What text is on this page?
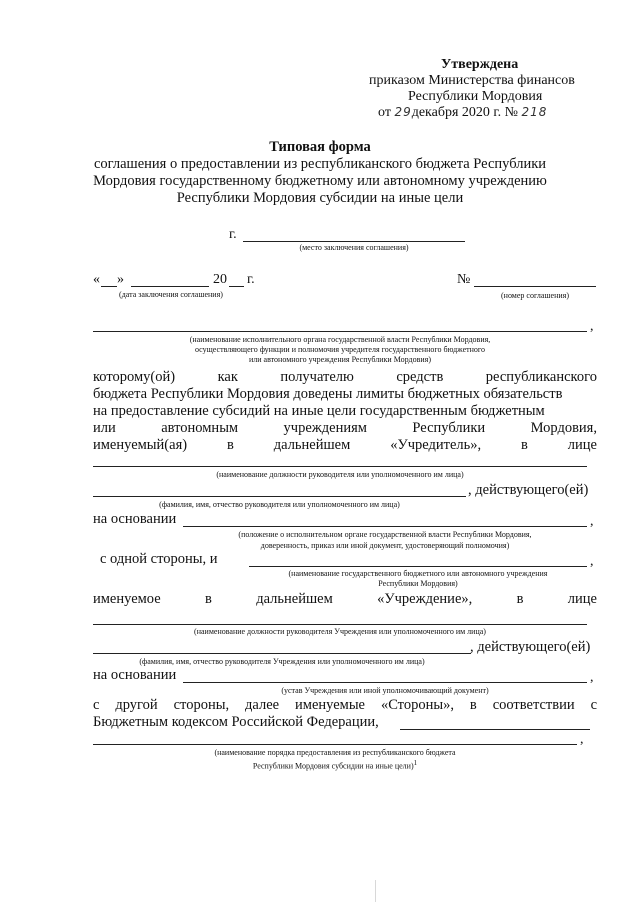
Утверждена
приказом Министерства финансов
Республики Мордовия
от 29декабря 2020 г. № 218
Типовая форма
соглашения о предоставлении из республиканского бюджета Республики
Мордовия государственному бюджетному или автономному учреждению
Республики Мордовия субсидии на иные цели
г.
(место заключения соглашения)
« »	20 г.
(дата заключения соглашения)
№
(номер соглашения)
,
(наименование исполнительного органа государственной власти Республики Мордовия,
осуществляющего функции и полномочия учредителя государственного бюджетного
или автономного учреждения Республики Мордовия)
которому(ой)	как	получателю	средств	республиканского
бюджета Республики Мордовия доведены лимиты бюджетных обязательств
на предоставление субсидий на иные цели государственным бюджетным
или	автономным	учреждениям	Республики	Мордовия,
именуемый(ая)	в	дальнейшем	«Учредитель»,	в	лице
(наименование должности руководителя или уполномоченного им лица)
, действующего(ей)
(фамилия, имя, отчество руководителя или уполномоченного им лица)
на основании	,
(положение о исполнительном органе государственной власти Республики Мордовия,
доверенность, приказ или иной документ, удостоверяющий полномочия)
с одной стороны, и	,
(наименование государственного бюджетного или автономного учреждения
Республики Мордовия)
именуемое	в	дальнейшем	«Учреждение»,	в	лице
(наименование должности руководителя Учреждения или уполномоченного им лица)
, действующего(ей)
(фамилия, имя, отчество руководителя Учреждения или уполномоченного им лица)
на основании	,
(устав Учреждения или иной уполномочивающий документ)
с другой стороны, далее именуемые «Стороны», в соответствии с
Бюджетным кодексом Российской Федерации,
,
(наименование порядка предоставления из республиканского бюджета
Республики Мордовия субсидии на иные цели)1
